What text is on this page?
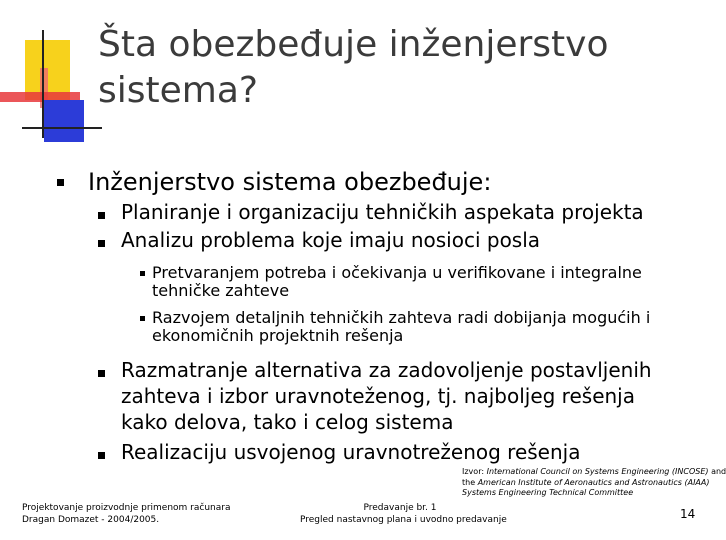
Šta obezbeđuje inženjerstvo sistema?
Inženjerstvo sistema obezbeđuje:
Planiranje i organizaciju tehničkih aspekata projekta
Analizu problema koje imaju nosioci posla
Pretvaranjem potreba i očekivanja u verifikovane i integralne
tehničke zahteve
Razvojem detaljnih tehničkih zahteva radi dobijanja mogućih i
ekonomičnih projektnih rešenja
Razmatranje alternativa za zadovoljenje postavljenih
zahteva i izbor uravnoteženog, tj. najboljeg rešenja
kako delova, tako i celog sistema
Realizaciju usvojenog uravnotreženog rešenja
Izvor: International Council on Systems Engineering (INCOSE) and
the American Institute of Aeronautics and Astronautics (AIAA)
Systems Engineering Technical Committee
Projektovanje proizvodnje primenom računara
Dragan Domazet - 2004/2005.
Predavanje br. 1
Pregled nastavnog plana i uvodno predavanje	14
